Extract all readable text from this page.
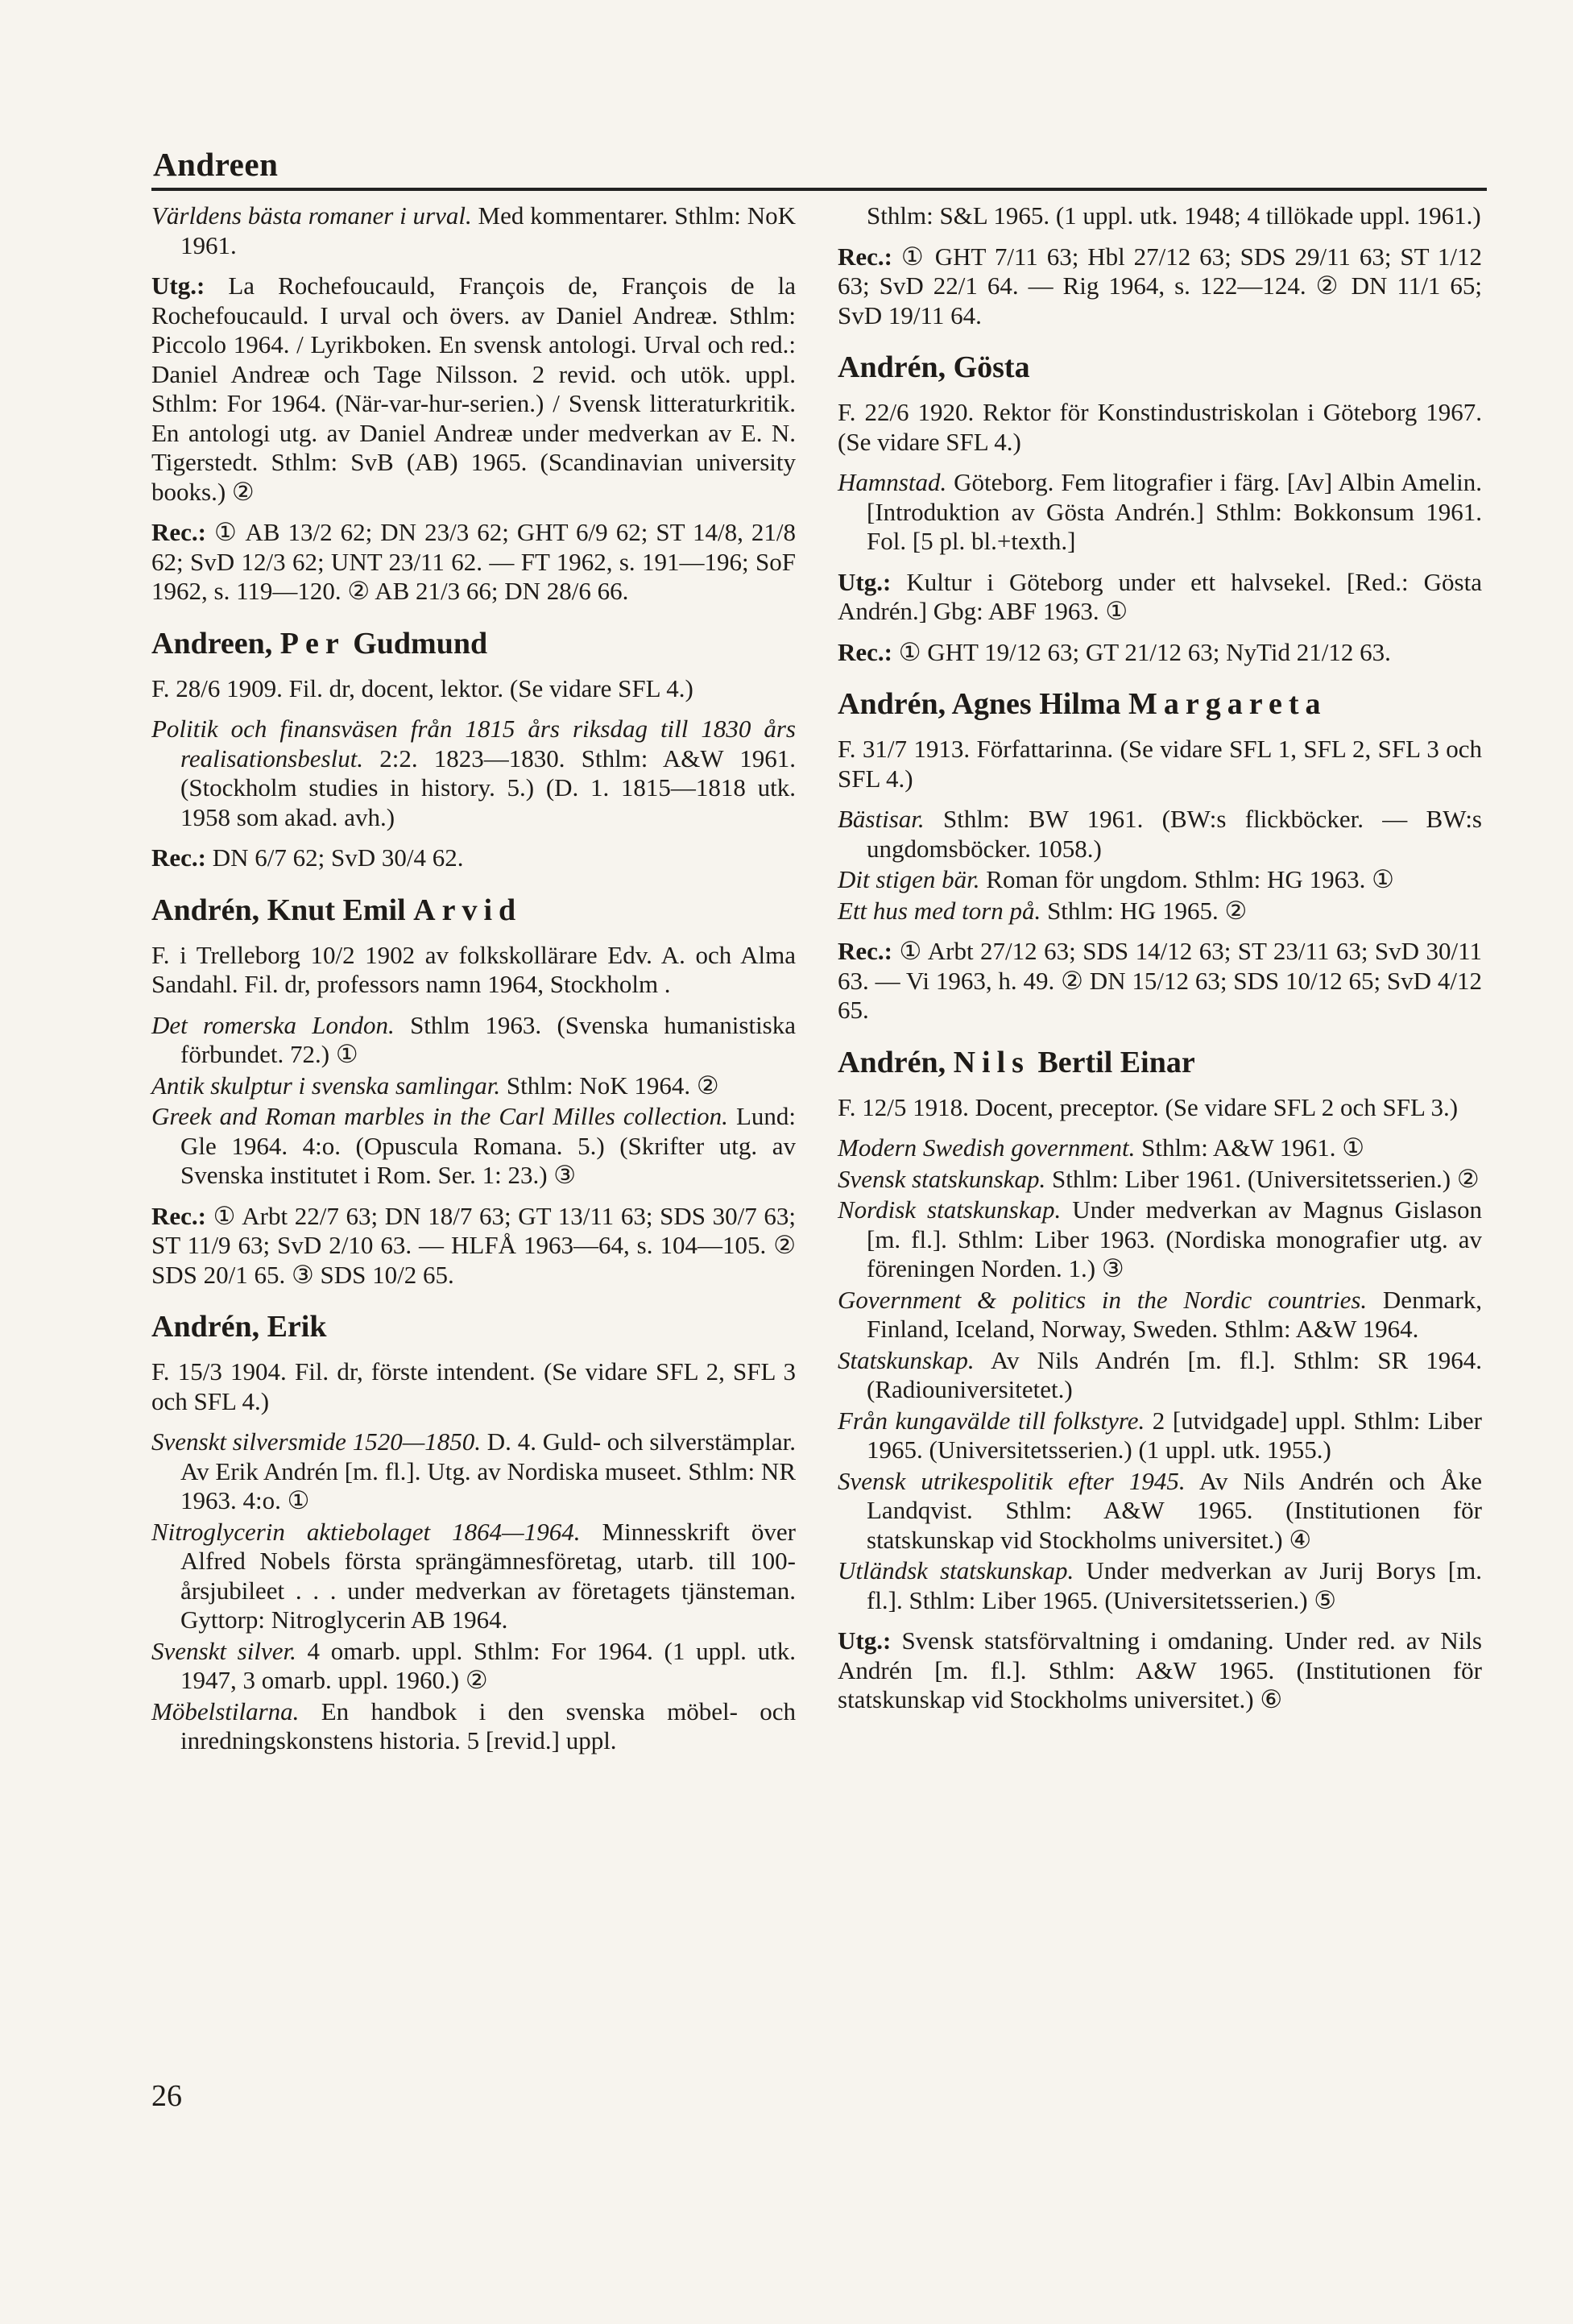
Andreen
Världens bästa romaner i urval. Med kommentarer. Sthlm: NoK 1961.
Utg.: La Rochefoucauld, François de, François de la Rochefoucauld. I urval och övers. av Daniel Andreæ. Sthlm: Piccolo 1964. / Lyrikboken. En svensk antologi. Urval och red.: Daniel Andreæ och Tage Nilsson. 2 revid. och utök. uppl. Sthlm: For 1964. (När-var-hur-serien.) / Svensk litteraturkritik. En antologi utg. av Daniel Andreæ under medverkan av E. N. Tigerstedt. Sthlm: SvB (AB) 1965. (Scandinavian university books.) ②
Rec.: ① AB 13/2 62; DN 23/3 62; GHT 6/9 62; ST 14/8, 21/8 62; SvD 12/3 62; UNT 23/11 62. — FT 1962, s. 191—196; SoF 1962, s. 119—120. ② AB 21/3 66; DN 28/6 66.
Andreen, Per Gudmund
F. 28/6 1909. Fil. dr, docent, lektor. (Se vidare SFL 4.)
Politik och finansväsen från 1815 års riksdag till 1830 års realisationsbeslut. 2:2. 1823—1830. Sthlm: A&W 1961. (Stockholm studies in history. 5.) (D. 1. 1815—1818 utk. 1958 som akad. avh.)
Rec.: DN 6/7 62; SvD 30/4 62.
Andrén, Knut Emil Arvid
F. i Trelleborg 10/2 1902 av folkskollärare Edv. A. och Alma Sandahl. Fil. dr, professors namn 1964, Stockholm .
Det romerska London. Sthlm 1963. (Svenska humanistiska förbundet. 72.) ①
Antik skulptur i svenska samlingar. Sthlm: NoK 1964. ②
Greek and Roman marbles in the Carl Milles collection. Lund: Gle 1964. 4:o. (Opuscula Romana. 5.) (Skrifter utg. av Svenska institutet i Rom. Ser. 1: 23.) ③
Rec.: ① Arbt 22/7 63; DN 18/7 63; GT 13/11 63; SDS 30/7 63; ST 11/9 63; SvD 2/10 63. — HLFÅ 1963—64, s. 104—105. ② SDS 20/1 65. ③ SDS 10/2 65.
Andrén, Erik
F. 15/3 1904. Fil. dr, förste intendent. (Se vidare SFL 2, SFL 3 och SFL 4.)
Svenskt silversmide 1520—1850. D. 4. Guld- och silverstämplar. Av Erik Andrén [m. fl.]. Utg. av Nordiska museet. Sthlm: NR 1963. 4:o. ①
Nitroglycerin aktiebolaget 1864—1964. Minnesskrift över Alfred Nobels första sprängämnesföretag, utarb. till 100-årsjubileet . . . under medverkan av företagets tjänsteman. Gyttorp: Nitroglycerin AB 1964.
Svenskt silver. 4 omarb. uppl. Sthlm: For 1964. (1 uppl. utk. 1947, 3 omarb. uppl. 1960.) ②
Möbelstilarna. En handbok i den svenska möbel- och inredningskonstens historia. 5 [revid.] uppl.
Sthlm: S&L 1965. (1 uppl. utk. 1948; 4 tillökade uppl. 1961.)
Rec.: ① GHT 7/11 63; Hbl 27/12 63; SDS 29/11 63; ST 1/12 63; SvD 22/1 64. — Rig 1964, s. 122—124. ② DN 11/1 65; SvD 19/11 64.
Andrén, Gösta
F. 22/6 1920. Rektor för Konstindustriskolan i Göteborg 1967. (Se vidare SFL 4.)
Hamnstad. Göteborg. Fem litografier i färg. [Av] Albin Amelin. [Introduktion av Gösta Andrén.] Sthlm: Bokkonsum 1961. Fol. [5 pl. bl.+texth.]
Utg.: Kultur i Göteborg under ett halvsekel. [Red.: Gösta Andrén.] Gbg: ABF 1963. ①
Rec.: ① GHT 19/12 63; GT 21/12 63; NyTid 21/12 63.
Andrén, Agnes Hilma Margareta
F. 31/7 1913. Författarinna. (Se vidare SFL 1, SFL 2, SFL 3 och SFL 4.)
Bästisar. Sthlm: BW 1961. (BW:s flickböcker. — BW:s ungdomsböcker. 1058.)
Dit stigen bär. Roman för ungdom. Sthlm: HG 1963. ①
Ett hus med torn på. Sthlm: HG 1965. ②
Rec.: ① Arbt 27/12 63; SDS 14/12 63; ST 23/11 63; SvD 30/11 63. — Vi 1963, h. 49. ② DN 15/12 63; SDS 10/12 65; SvD 4/12 65.
Andrén, Nils Bertil Einar
F. 12/5 1918. Docent, preceptor. (Se vidare SFL 2 och SFL 3.)
Modern Swedish government. Sthlm: A&W 1961. ①
Svensk statskunskap. Sthlm: Liber 1961. (Universitetsserien.) ②
Nordisk statskunskap. Under medverkan av Magnus Gislason [m. fl.]. Sthlm: Liber 1963. (Nordiska monografier utg. av föreningen Norden. 1.) ③
Government & politics in the Nordic countries. Denmark, Finland, Iceland, Norway, Sweden. Sthlm: A&W 1964.
Statskunskap. Av Nils Andrén [m. fl.]. Sthlm: SR 1964. (Radiouniversitetet.)
Från kungavälde till folkstyre. 2 [utvidgade] uppl. Sthlm: Liber 1965. (Universitetsserien.) (1 uppl. utk. 1955.)
Svensk utrikespolitik efter 1945. Av Nils Andrén och Åke Landqvist. Sthlm: A&W 1965. (Institutionen för statskunskap vid Stockholms universitet.) ④
Utländsk statskunskap. Under medverkan av Jurij Borys [m. fl.]. Sthlm: Liber 1965. (Universitetsserien.) ⑤
Utg.: Svensk statsförvaltning i omdaning. Under red. av Nils Andrén [m. fl.]. Sthlm: A&W 1965. (Institutionen för statskunskap vid Stockholms universitet.) ⑥
26
